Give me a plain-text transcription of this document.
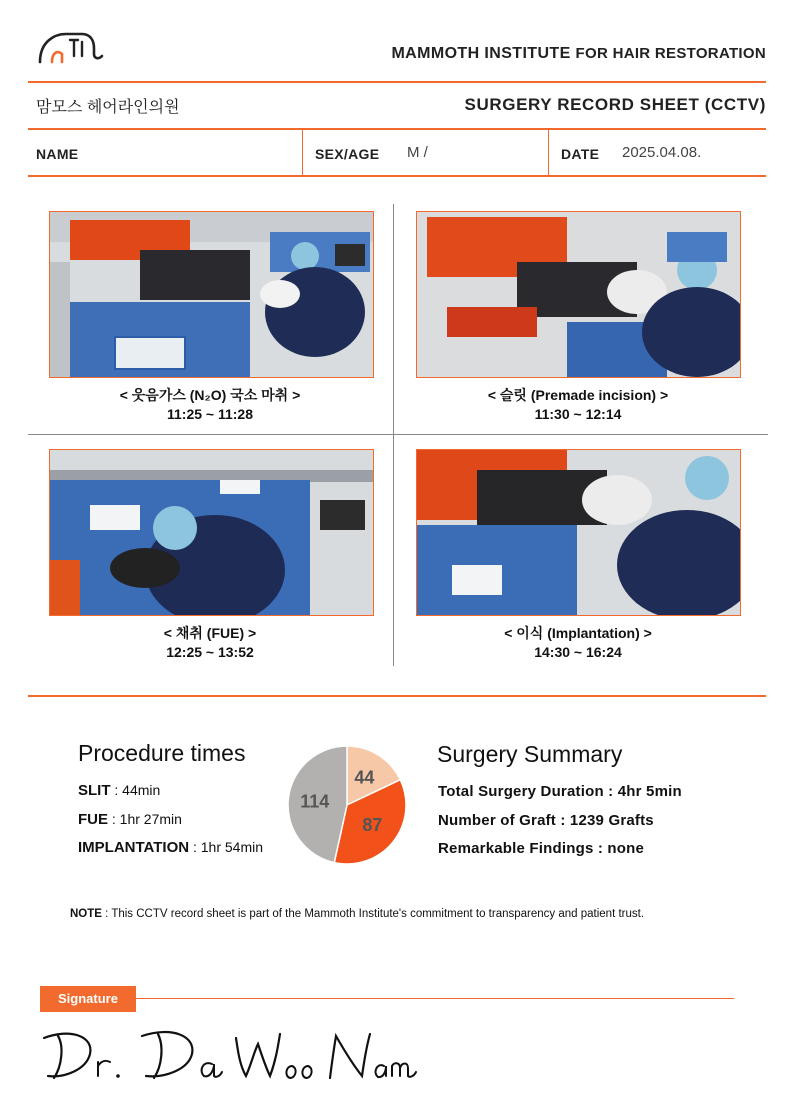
MAMMOTH INSTITUTE FOR HAIR RESTORATION
맘모스 헤어라인의원	SURGERY RECORD SHEET (CCTV)
NAME	SEX/AGE M /	DATE 2025.04.08.
< 웃음가스 (N₂O) 국소 마취 >
11:25 ~ 11:28
< 슬릿 (Premade incision) >
11:30 ~ 12:14
< 채취 (FUE) >
12:25 ~ 13:52
< 이식 (Implantation) >
14:30 ~ 16:24
Procedure times
SLIT : 44min
FUE : 1hr 27min
IMPLANTATION : 1hr 54min
44
87
114
Surgery Summary
Total Surgery Duration : 4hr 5min
Number of Graft : 1239 Grafts
Remarkable Findings : none
NOTE : This CCTV record sheet is part of the Mammoth Institute's commitment to transparency and patient trust.
Signature
